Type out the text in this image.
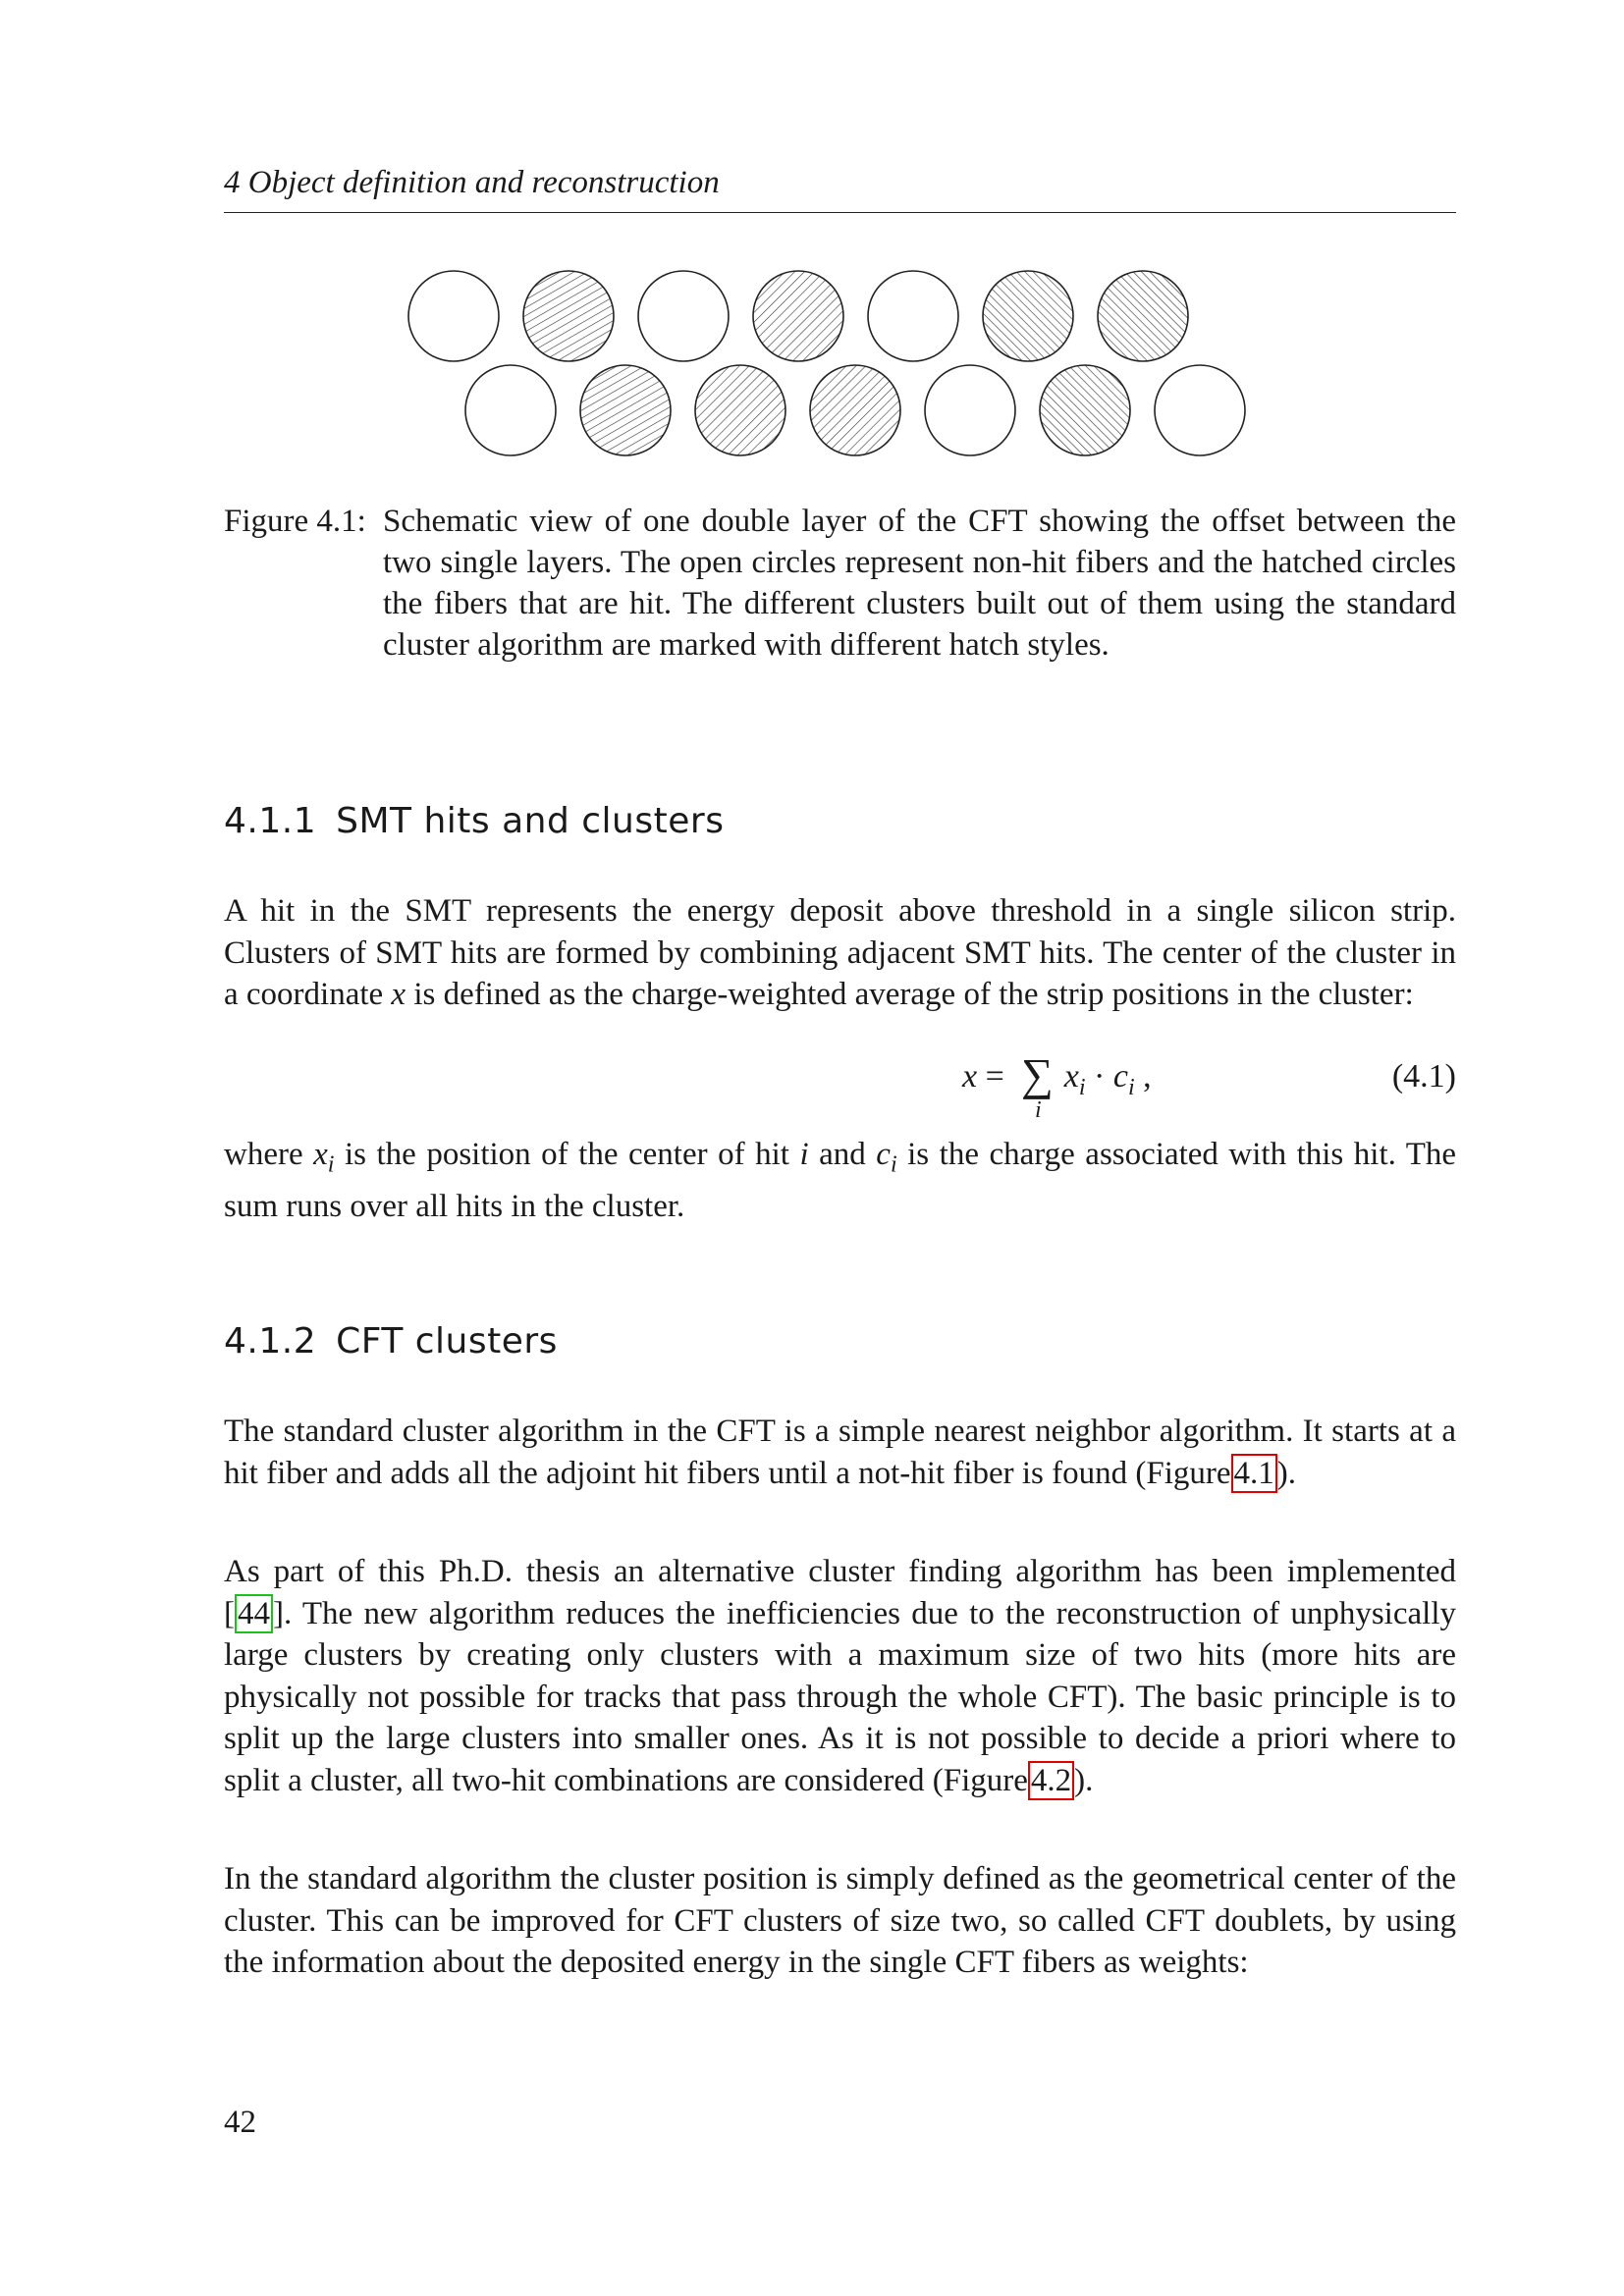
4 Object definition and reconstruction
Figure 4.1: Schematic view of one double layer of the CFT showing the offset between the two single layers. The open circles represent non-hit fibers and the hatched circles the fibers that are hit. The different clusters built out of them using the standard cluster algorithm are marked with different hatch styles.
4.1.1 SMT hits and clusters

A hit in the SMT represents the energy deposit above threshold in a single silicon strip. Clusters of SMT hits are formed by combining adjacent SMT hits. The center of the cluster in a coordinate x is defined as the charge-weighted average of the strip positions in the cluster:

$x = x_i \cdot c_i$ ,
∑
i
(4.1)

where $x_i$ is the position of the center of hit i and $c_i$ is the charge associated with this hit. The sum runs over all hits in the cluster.

4.1.2 CFT clusters

The standard cluster algorithm in the CFT is a simple nearest neighbor algorithm. It starts at a hit fiber and adds all the adjoint hit fibers until a not-hit fiber is found (Figure4.1).

As part of this Ph.D. thesis an alternative cluster finding algorithm has been implemented [44]. The new algorithm reduces the inefficiencies due to the reconstruction of unphysically large clusters by creating only clusters with a maximum size of two hits (more hits are physically not possible for tracks that pass through the whole CFT). The basic principle is to split up the large clusters into smaller ones. As it is not possible to decide a priori where to split a cluster, all two-hit combinations are considered (Figure4.2).

In the standard algorithm the cluster position is simply defined as the geometrical center of the cluster. This can be improved for CFT clusters of size two, so called CFT doublets, by using the information about the deposited energy in the single CFT fibers as weights:

42
